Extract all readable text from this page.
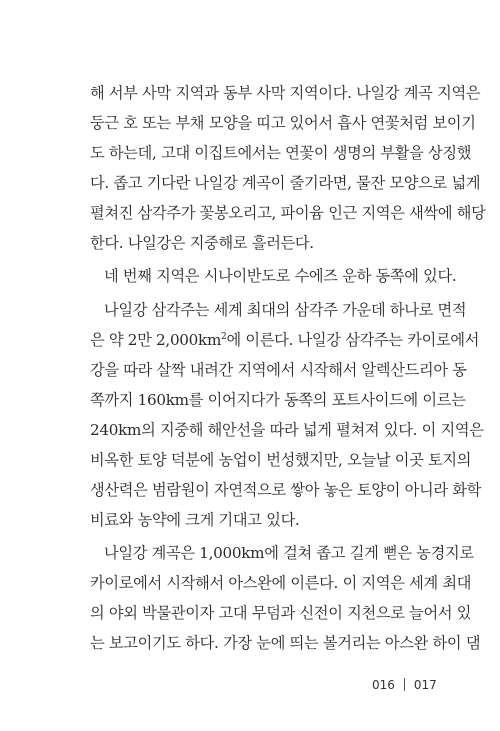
해 서부 사막 지역과 동부 사막 지역이다. 나일강 계곡 지역은
둥근 호 또는 부채 모양을 띠고 있어서 흡사 연꽃처럼 보이기
도 하는데, 고대 이집트에서는 연꽃이 생명의 부활을 상징했
다. 좁고 기다란 나일강 계곡이 줄기라면, 물잔 모양으로 넓게
펼쳐진 삼각주가 꽃봉오리고, 파이윰 인근 지역은 새싹에 해당
한다. 나일강은 지중해로 흘러든다.
네 번째 지역은 시나이반도로 수에즈 운하 동쪽에 있다.
나일강 삼각주는 세계 최대의 삼각주 가운데 하나로 면적
은 약 2만 $2,000km^2$에 이른다. 나일강 삼각주는 카이로에서
강을 따라 살짝 내려간 지역에서 시작해서 알렉산드리아 동
쪽까지 160km를 이어지다가 동쪽의 포트사이드에 이르는
240km의 지중해 해안선을 따라 넓게 펼쳐져 있다. 이 지역은
비옥한 토양 덕분에 농업이 번성했지만, 오늘날 이곳 토지의
생산력은 범람원이 자연적으로 쌓아 놓은 토양이 아니라 화학
비료와 농약에 크게 기대고 있다.
나일강 계곡은 1,000km에 걸쳐 좁고 길게 뻗은 농경지로
카이로에서 시작해서 아스완에 이른다. 이 지역은 세계 최대
의 야외 박물관이자 고대 무덤과 신전이 지천으로 늘어서 있
는 보고이기도 하다. 가장 눈에 띄는 볼거리는 아스완 하이 댐
016 017
